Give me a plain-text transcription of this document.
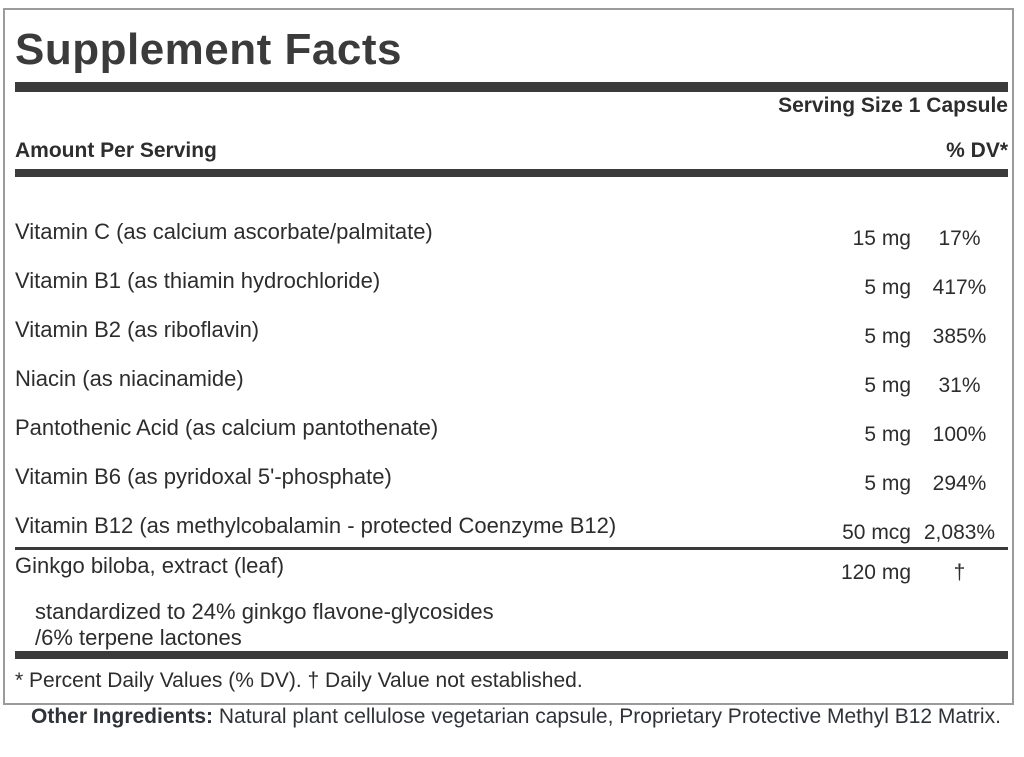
Supplement Facts
Serving Size 1 Capsule
Amount Per Serving	% DV*
Vitamin C (as calcium ascorbate/palmitate)	15 mg	17%
Vitamin B1 (as thiamin hydrochloride)	5 mg	417%
Vitamin B2 (as riboflavin)	5 mg	385%
Niacin (as niacinamide)	5 mg	31%
Pantothenic Acid (as calcium pantothenate)	5 mg	100%
Vitamin B6 (as pyridoxal 5'-phosphate)	5 mg	294%
Vitamin B12 (as methylcobalamin - protected Coenzyme B12)	50 mcg 2,083%
Ginkgo biloba, extract (leaf)	120 mg	†
standardized to 24% ginkgo flavone-glycosides
/6% terpene lactones
* Percent Daily Values (% DV). † Daily Value not established.
Other Ingredients: Natural plant cellulose vegetarian capsule, Proprietary Protective Methyl B12 Matrix.
